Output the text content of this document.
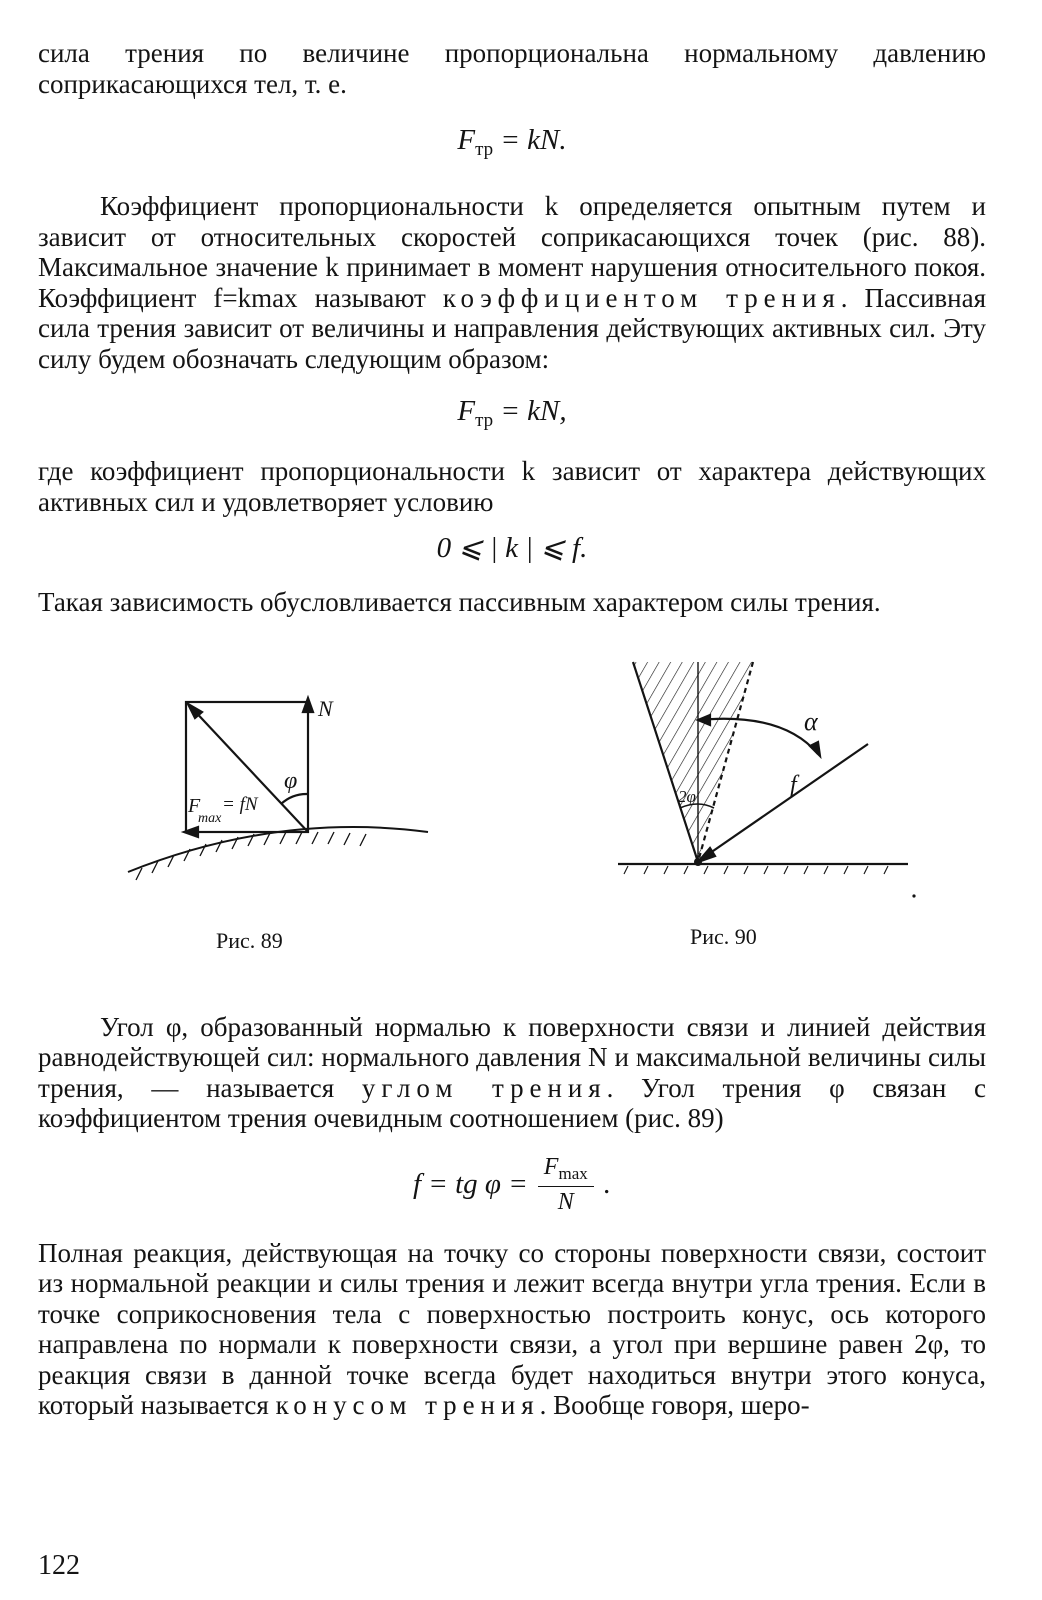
сила трения по величине пропорциональна нормальному давлению соприкасающихся тел, т. е.

$F_{тр}$ = kN.

Коэффициент пропорциональности k определяется опытным путем и зависит от относительных скоростей соприкасающихся точек (рис. 88). Максимальное значение k принимает в момент нарушения относительного покоя. Коэффициент f=kmax называют коэффициентом трения. Пассивная сила трения зависит от величины и направления действующих активных сил. Эту силу будем обозначать следующим образом:

$F_{тр}$ = kN,

где коэффициент пропорциональности k зависит от характера действующих активных сил и удовлетворяет условию

0 ⩽ | k | ⩽ f.

Такая зависимость обусловливается пассивным характером силы трения.

N
φ
F
max
= fN
Рис. 89
α
f
2φ
Рис. 90

Угол φ, образованный нормалью к поверхности связи и линией действия равнодействующей сил: нормального давления N и максимальной величины силы трения, — называется углом трения. Угол трения φ связан с коэффициентом трения очевидным соотношением (рис. 89)

f = tg $\varphi = \frac{F_{max}}{N}$ .

Полная реакция, действующая на точку со стороны поверхности связи, состоит из нормальной реакции и силы трения и лежит всегда внутри угла трения. Если в точке соприкосновения тела с поверхностью построить конус, ось которого направлена по нормали к поверхности связи, а угол при вершине равен 2φ, то реакция связи в данной точке всегда будет находиться внутри этого конуса, который называется конусом трения. Вообще говоря, шеро-

122
